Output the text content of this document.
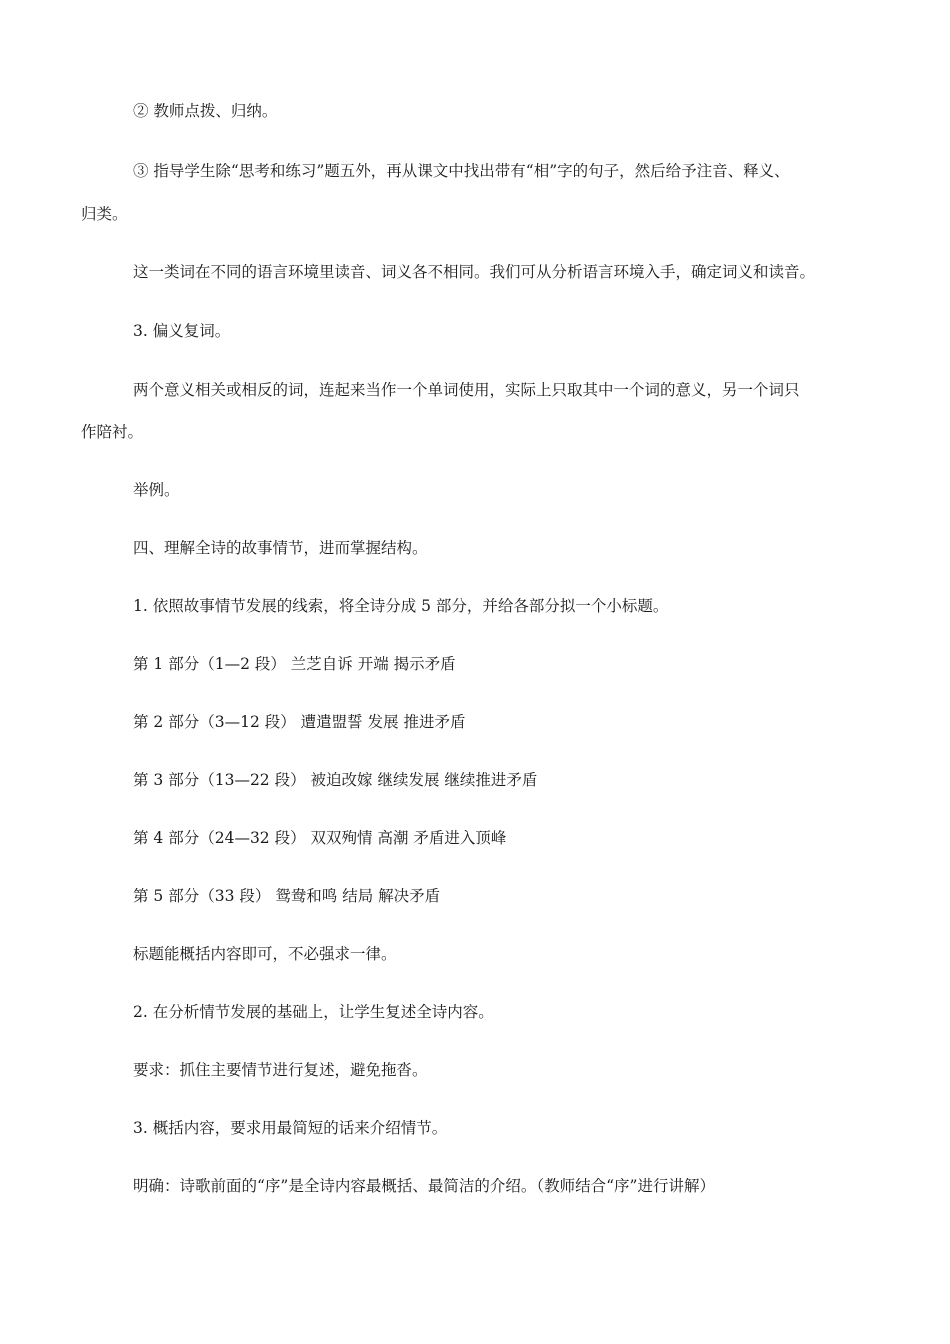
② 教师点拨、归纳。
③ 指导学生除“思考和练习”题五外，再从课文中找出带有“相”字的句子，然后给予注音、释义、
归类。
这一类词在不同的语言环境里读音、词义各不相同。我们可从分析语言环境入手，确定词义和读音。
3. 偏义复词。
两个意义相关或相反的词，连起来当作一个单词使用，实际上只取其中一个词的意义，另一个词只
作陪衬。
举例。
四、理解全诗的故事情节，进而掌握结构。
1. 依照故事情节发展的线索，将全诗分成 5 部分，并给各部分拟一个小标题。
第 1 部分（1—2 段） 兰芝自诉 开端 揭示矛盾
第 2 部分（3—12 段） 遭遣盟誓 发展 推进矛盾
第 3 部分（13—22 段） 被迫改嫁 继续发展 继续推进矛盾
第 4 部分（24—32 段） 双双殉情 高潮 矛盾进入顶峰
第 5 部分（33 段） 鸳鸯和鸣 结局 解决矛盾
标题能概括内容即可，不必强求一律。
2. 在分析情节发展的基础上，让学生复述全诗内容。
要求：抓住主要情节进行复述，避免拖沓。
3. 概括内容，要求用最简短的话来介绍情节。
明确：诗歌前面的“序”是全诗内容最概括、最简洁的介绍。（教师结合“序”进行讲解）
